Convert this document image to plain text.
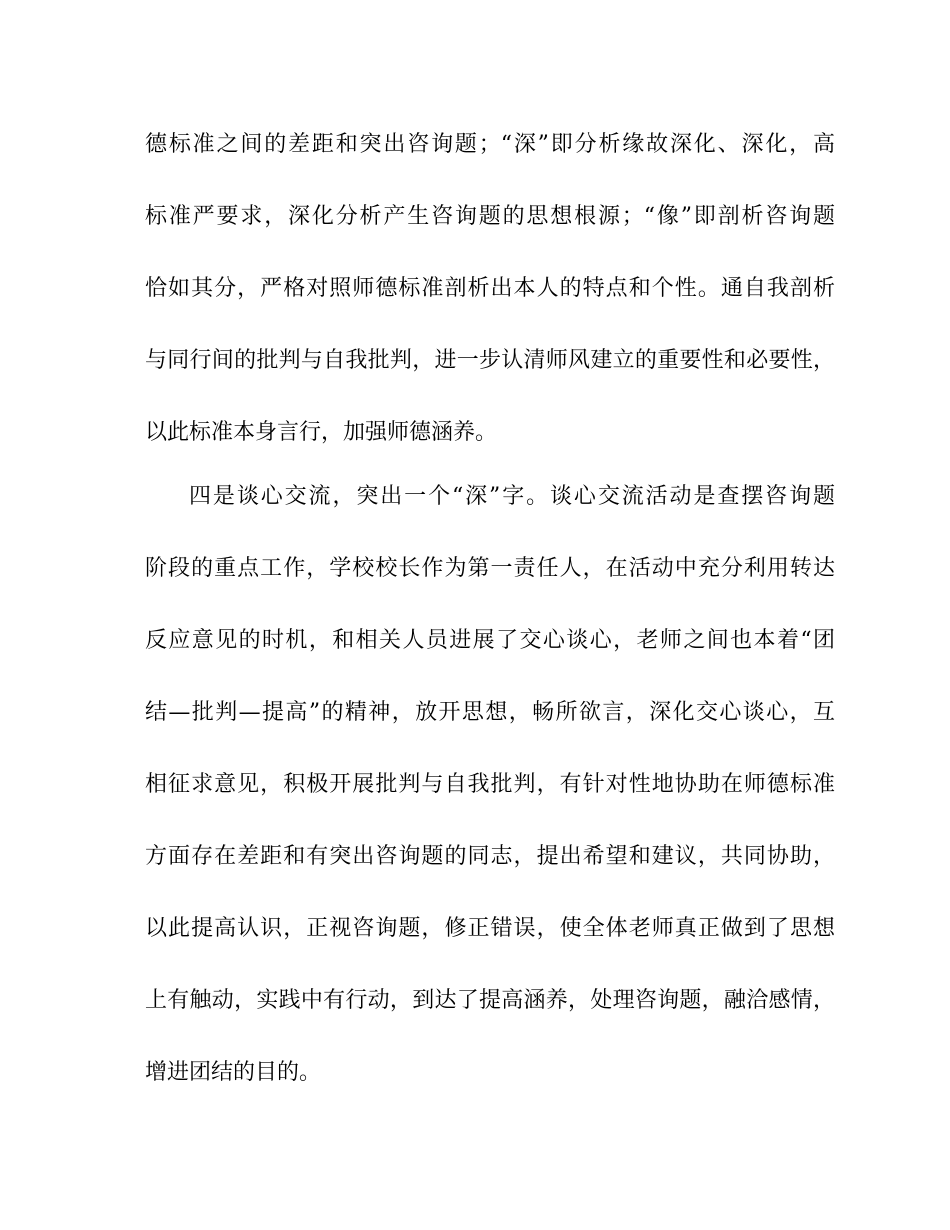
德标准之间的差距和突出咨询题；“深”即分析缘故深化、深化，高
标准严要求，深化分析产生咨询题的思想根源；“像”即剖析咨询题
恰如其分，严格对照师德标准剖析出本人的特点和个性。通自我剖析
与同行间的批判与自我批判，进一步认清师风建立的重要性和必要性，
以此标准本身言行，加强师德涵养。
四是谈心交流，突出一个“深”字。谈心交流活动是查摆咨询题
阶段的重点工作，学校校长作为第一责任人，在活动中充分利用转达
反应意见的时机，和相关人员进展了交心谈心，老师之间也本着“团
结—批判—提高”的精神，放开思想，畅所欲言，深化交心谈心，互
相征求意见，积极开展批判与自我批判，有针对性地协助在师德标准
方面存在差距和有突出咨询题的同志，提出希望和建议，共同协助，
以此提高认识，正视咨询题，修正错误，使全体老师真正做到了思想
上有触动，实践中有行动，到达了提高涵养，处理咨询题，融洽感情，
增进团结的目的。
